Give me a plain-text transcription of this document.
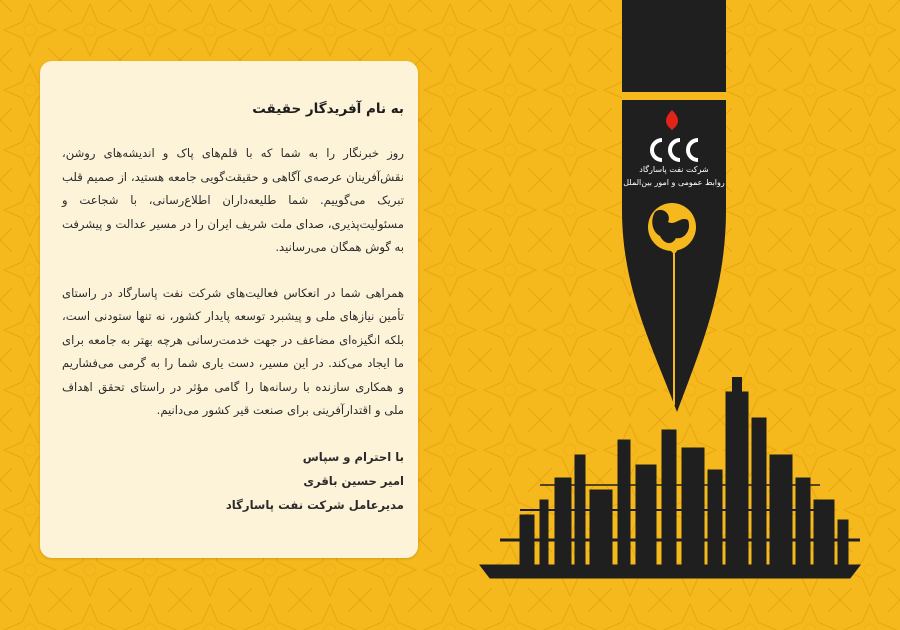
به نام آفریدگار حقیقت

روز خبرنگار را به شما که با قلم‌های پاک و اندیشه‌های روشن، نقش‌آفرینان عرصه‌ی آگاهی و حقیقت‌گویی جامعه هستید، از صمیم قلب تبریک می‌گوییم. شما طلیعه‌داران اطلاع‌رسانی، با شجاعت و مسئولیت‌پذیری، صدای ملت شریف ایران را در مسیر عدالت و پیشرفت به گوش همگان می‌رسانید.

همراهی شما در انعکاس فعالیت‌های شرکت نفت پاسارگاد در راستای تأمین نیازهای ملی و پیشبرد توسعه پایدار کشور، نه تنها ستودنی است، بلکه انگیزه‌ای مضاعف در جهت خدمت‌رسانی هرچه بهتر به جامعه برای ما ایجاد می‌کند. در این مسیر، دست یاری شما را به گرمی می‌فشاریم و همکاری سازنده با رسانه‌ها را گامی مؤثر در راستای تحقق اهداف ملی و اقتدارآفرینی برای صنعت قیر کشور می‌دانیم.

با احترام و سپاس

امیر حسین باقری

مدیرعامل شرکت نفت پاسارگاد

شرکت نفت پاسارگاد
روابط عمومی و امور بین‌الملل
